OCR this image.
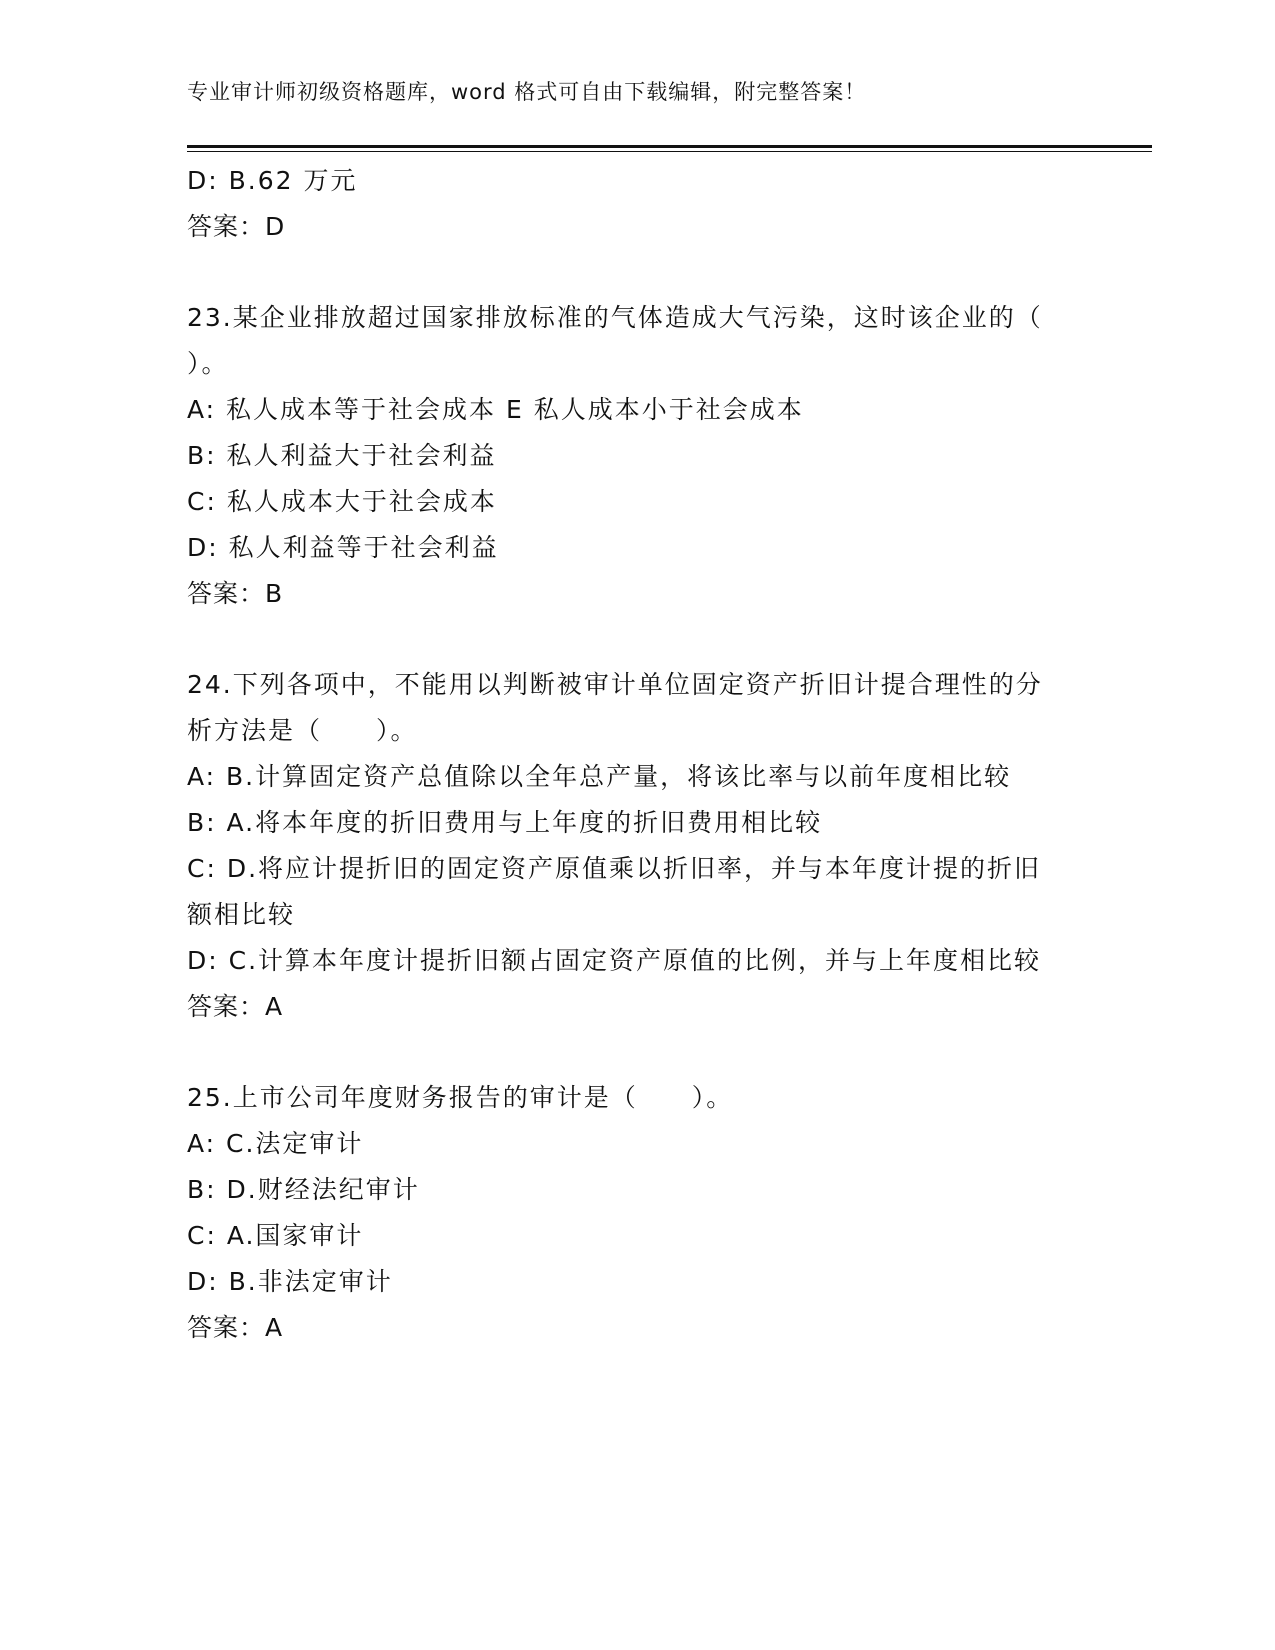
专业审计师初级资格题库，word 格式可自由下载编辑，附完整答案！
D: B.62 万元
答案：D
23.某企业排放超过国家排放标准的气体造成大气污染，这时该企业的（ ）。
A: 私人成本等于社会成本 E 私人成本小于社会成本
B: 私人利益大于社会利益
C: 私人成本大于社会成本
D: 私人利益等于社会利益
答案：B
24.下列各项中，不能用以判断被审计单位固定资产折旧计提合理性的分析方法是（　　）。
A: B.计算固定资产总值除以全年总产量，将该比率与以前年度相比较
B: A.将本年度的折旧费用与上年度的折旧费用相比较
C: D.将应计提折旧的固定资产原值乘以折旧率，并与本年度计提的折旧额相比较
D: C.计算本年度计提折旧额占固定资产原值的比例，并与上年度相比较
答案：A
25.上市公司年度财务报告的审计是（　　）。
A: C.法定审计
B: D.财经法纪审计
C: A.国家审计
D: B.非法定审计
答案：A
